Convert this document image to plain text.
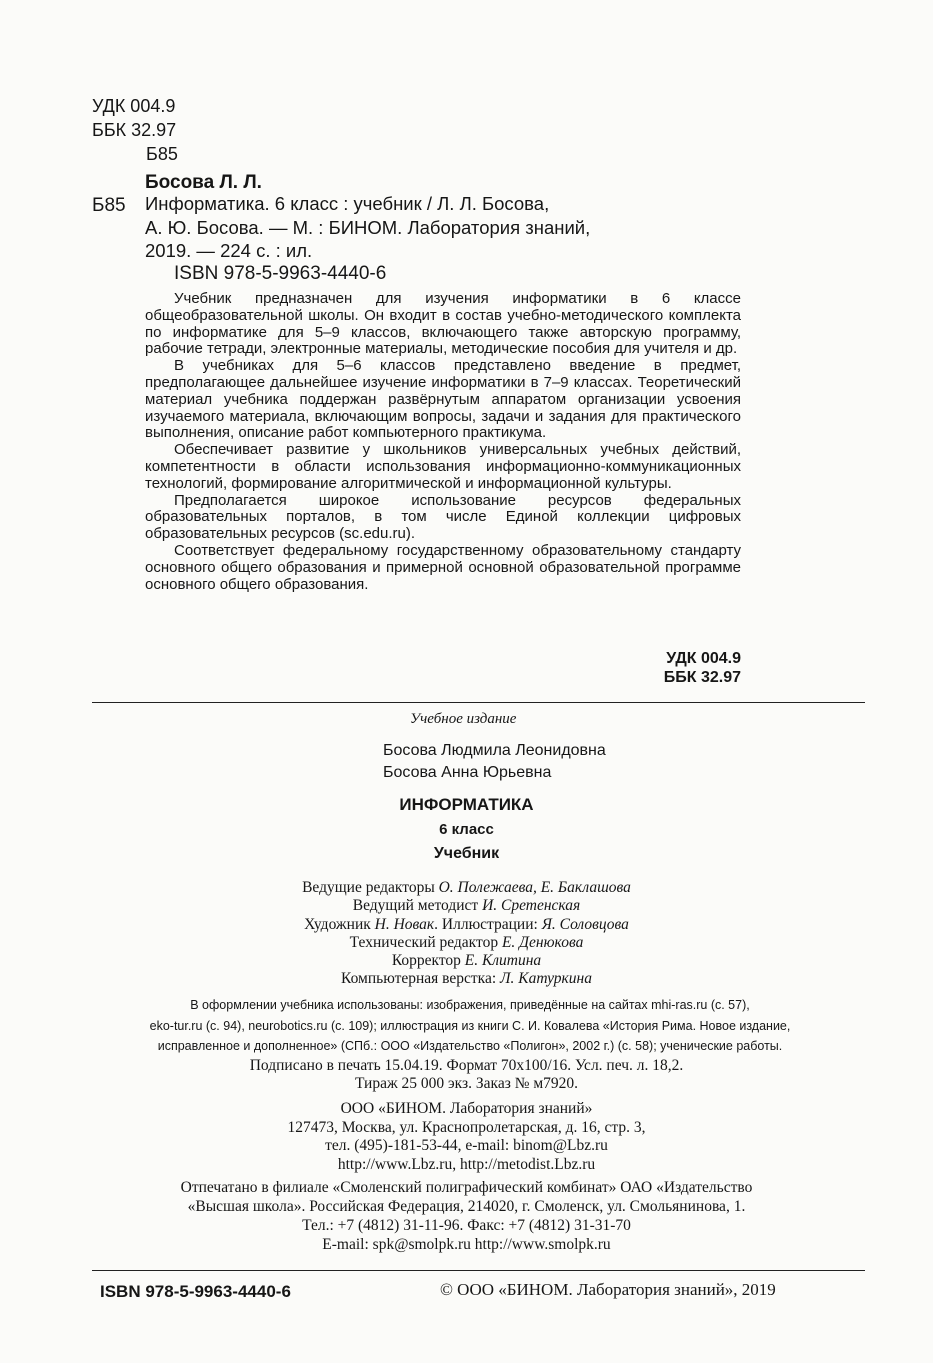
УДК 004.9
ББК 32.97
Б85
Босова Л. Л.
Б85 Информатика. 6 класс : учебник / Л. Л. Босова,

А. Ю. Босова. — М. : БИНОМ. Лаборатория знаний,

2019. — 224 с. : ил.

ISBN 978-5-9963-4440-6

Учебник предназначен для изучения информатики в 6 классе общеобразовательной школы. Он входит в состав учебно-методического комплекта по информатике для 5–9 классов, включающего также авторскую программу, рабочие тетради, электронные материалы, методические пособия для учителя и др.

В учебниках для 5–6 классов представлено введение в предмет, предполагающее дальнейшее изучение информатики в 7–9 классах. Теоретический материал учебника поддержан развёрнутым аппаратом организации усвоения изучаемого материала, включающим вопросы, задачи и задания для практического выполнения, описание работ компьютерного практикума.

Обеспечивает развитие у школьников универсальных учебных действий, компетентности в области использования информационно-коммуникационных технологий, формирование алгоритмической и информационной культуры.

Предполагается широкое использование ресурсов федеральных образовательных порталов, в том числе Единой коллекции цифровых образовательных ресурсов (sc.edu.ru).

Соответствует федеральному государственному образовательному стандарту основного общего образования и примерной основной образовательной программе основного общего образования.

УДК 004.9
ББК 32.97
Учебное издание
Босова Людмила Леонидовна
Босова Анна Юрьевна
ИНФОРМАТИКА
6 класс
Учебник
Ведущие редакторы О. Полежаева, Е. Баклашова
Ведущий методист И. Сретенская
Художник Н. Новак. Иллюстрации: Я. Соловцова
Технический редактор Е. Денюкова
Корректор Е. Клитина
Компьютерная верстка: Л. Катуркина
В оформлении учебника использованы: изображения, приведённые на сайтах mhi-ras.ru (с. 57),
eko-tur.ru (с. 94), neurobotics.ru (с. 109); иллюстрация из книги С. И. Ковалева «История Рима. Новое издание,
исправленное и дополненное» (СПб.: ООО «Издательство «Полигон», 2002 г.) (с. 58); ученические работы.
Подписано в печать 15.04.19. Формат 70х100/16. Усл. печ. л. 18,2.
Тираж 25 000 экз. Заказ № м7920.
ООО «БИНОМ. Лаборатория знаний»
127473, Москва, ул. Краснопролетарская, д. 16, стр. 3,
тел. (495)-181-53-44, e-mail: binom@Lbz.ru
http://www.Lbz.ru, http://metodist.Lbz.ru
Отпечатано в филиале «Смоленский полиграфический комбинат» ОАО «Издательство
«Высшая школа». Российская Федерация, 214020, г. Смоленск, ул. Смольянинова, 1.
Тел.: +7 (4812) 31-11-96. Факс: +7 (4812) 31-31-70
E-mail: spk@smolpk.ru http://www.smolpk.ru
ISBN 978-5-9963-4440-6	© ООО «БИНОМ. Лаборатория знаний», 2019
